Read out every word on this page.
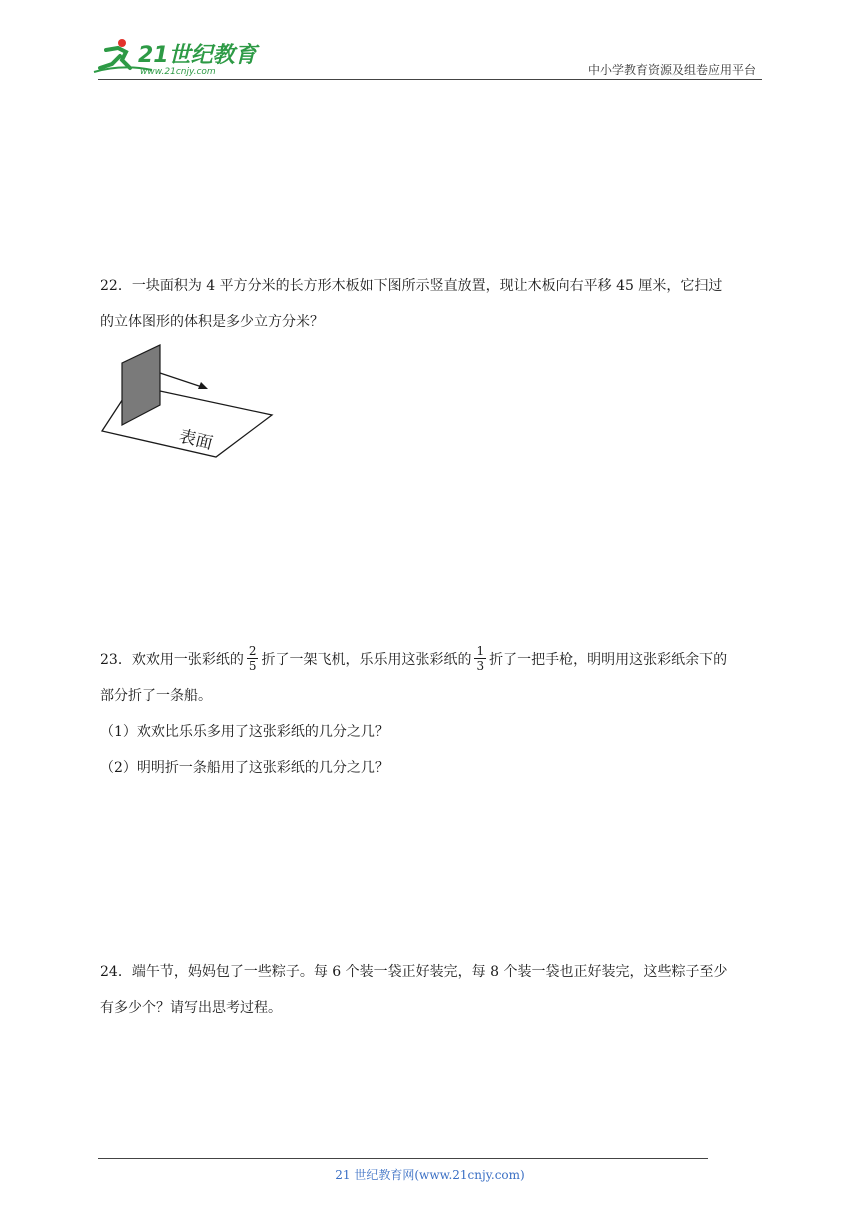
21世纪教育
www.21cnjy.com	中小学教育资源及组卷应用平台

22．一块面积为 4 平方分米的长方形木板如下图所示竖直放置，现让木板向右平移 45 厘米，它扫过

的立体图形的体积是多少立方分米？

表面

23．欢欢用一张彩纸的 $\frac{2}{5}$ 折了一架飞机，乐乐用这张彩纸的 $\frac{1}{3}$ 折了一把手枪，明明用这张彩纸余下的

部分折了一条船。

（1）欢欢比乐乐多用了这张彩纸的几分之几？

（2）明明折一条船用了这张彩纸的几分之几？

24．端午节，妈妈包了一些粽子。每 6 个装一袋正好装完，每 8 个装一袋也正好装完，这些粽子至少

有多少个？请写出思考过程。

21 世纪教育网(www.21cnjy.com)
